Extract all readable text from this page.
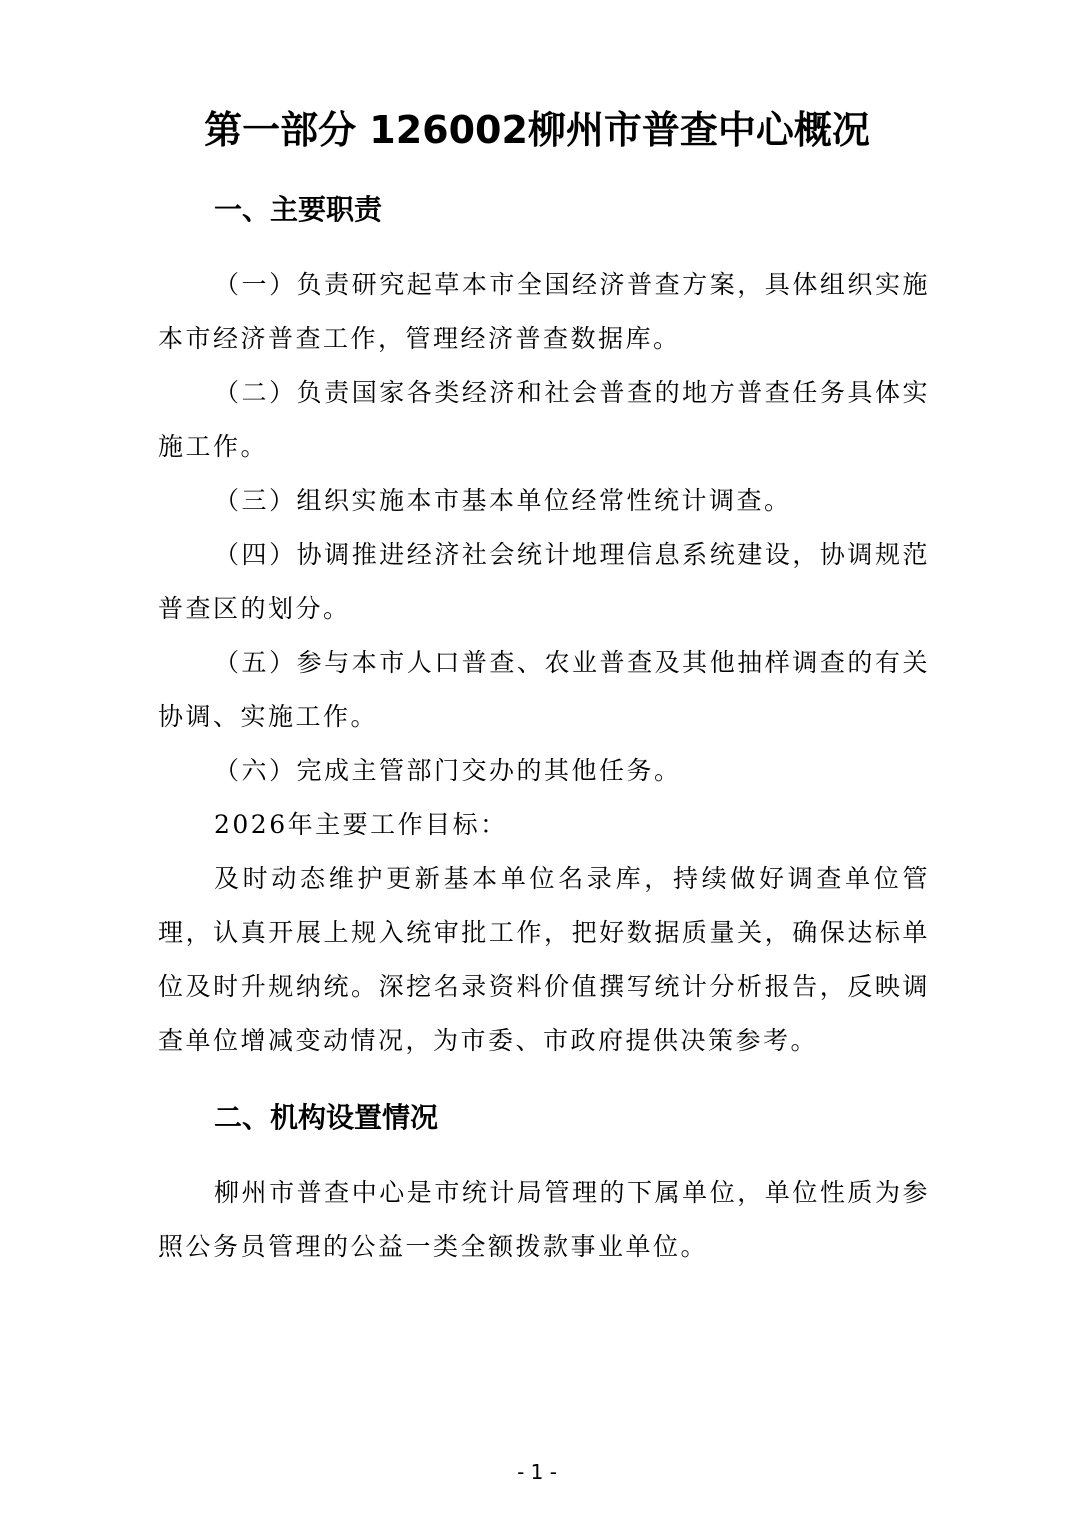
第一部分 126002柳州市普查中心概况
一、主要职责

（一）负责研究起草本市全国经济普查方案，具体组织实施本市经济普查工作，管理经济普查数据库。

（二）负责国家各类经济和社会普查的地方普查任务具体实施工作。

（三）组织实施本市基本单位经常性统计调查。

（四）协调推进经济社会统计地理信息系统建设，协调规范普查区的划分。

（五）参与本市人口普查、农业普查及其他抽样调查的有关协调、实施工作。

（六）完成主管部门交办的其他任务。

2026年主要工作目标：

及时动态维护更新基本单位名录库，持续做好调查单位管理，认真开展上规入统审批工作，把好数据质量关，确保达标单位及时升规纳统。深挖名录资料价值撰写统计分析报告，反映调查单位增减变动情况，为市委、市政府提供决策参考。

二、机构设置情况

柳州市普查中心是市统计局管理的下属单位，单位性质为参照公务员管理的公益一类全额拨款事业单位。

- 1 -
